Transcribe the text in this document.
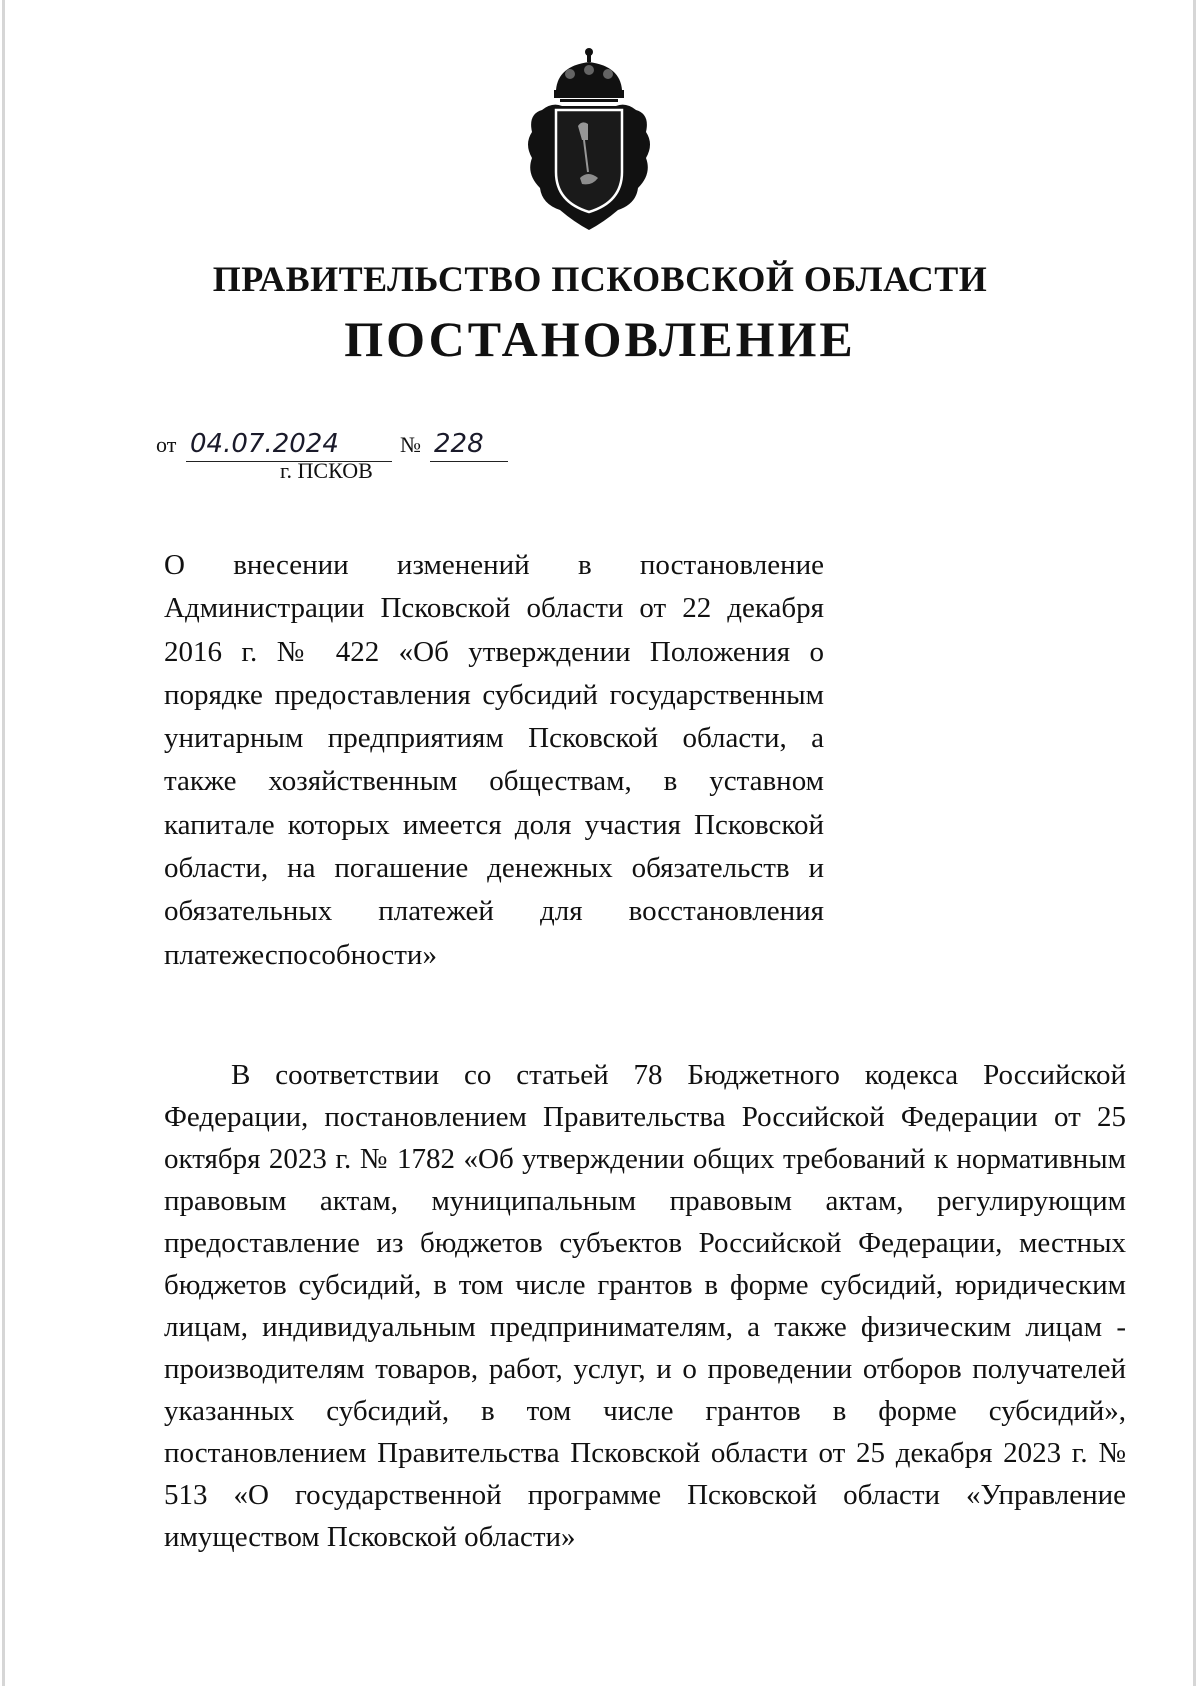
ПРАВИТЕЛЬСТВО ПСКОВСКОЙ ОБЛАСТИ
ПОСТАНОВЛЕНИЕ
от 04.07.2024	№ 228
г. ПСКОВ
О внесении изменений в постановление Администрации Псковской области от 22 декабря 2016 г. № 422 «Об утверждении Положения о порядке предоставления субсидий государственным унитарным предприятиям Псковской области, а также хозяйственным обществам, в уставном капитале которых имеется доля участия Псковской области, на погашение денежных обязательств и обязательных платежей для восстановления платежеспособности»
В соответствии со статьей 78 Бюджетного кодекса Российской Федерации, постановлением Правительства Российской Федерации от 25 октября 2023 г. № 1782 «Об утверждении общих требований к нормативным правовым актам, муниципальным правовым актам, регулирующим предоставление из бюджетов субъектов Российской Федерации, местных бюджетов субсидий, в том числе грантов в форме субсидий, юридическим лицам, индивидуальным предпринимателям, а также физическим лицам - производителям товаров, работ, услуг, и о проведении отборов получателей указанных субсидий, в том числе грантов в форме субсидий», постановлением Правительства Псковской области от 25 декабря 2023 г. № 513 «О государственной программе Псковской области «Управление имуществом Псковской области»
